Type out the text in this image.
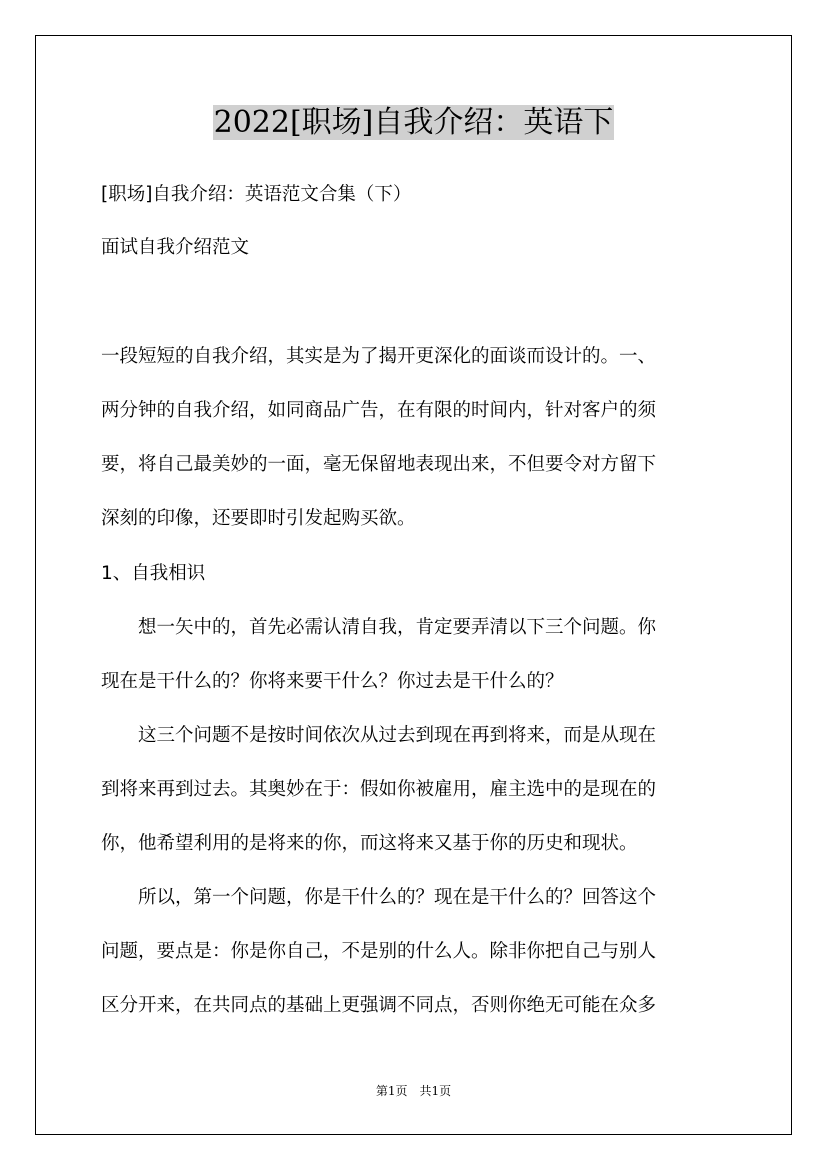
2022[职场]自我介绍：英语下
[职场]自我介绍：英语范文合集（下）
面试自我介绍范文
一段短短的自我介绍，其实是为了揭开更深化的面谈而设计的。一、
两分钟的自我介绍，如同商品广告，在有限的时间内，针对客户的须
要，将自己最美妙的一面，毫无保留地表现出来，不但要令对方留下
深刻的印像，还要即时引发起购买欲。
1、自我相识
　　想一矢中的，首先必需认清自我，肯定要弄清以下三个问题。你
现在是干什么的？你将来要干什么？你过去是干什么的？
　　这三个问题不是按时间依次从过去到现在再到将来，而是从现在
到将来再到过去。其奥妙在于：假如你被雇用，雇主选中的是现在的
你，他希望利用的是将来的你，而这将来又基于你的历史和现状。
　　所以，第一个问题，你是干什么的？现在是干什么的？回答这个
问题，要点是：你是你自己，不是别的什么人。除非你把自己与别人
区分开来，在共同点的基础上更强调不同点，否则你绝无可能在众多
第1页　共1页
